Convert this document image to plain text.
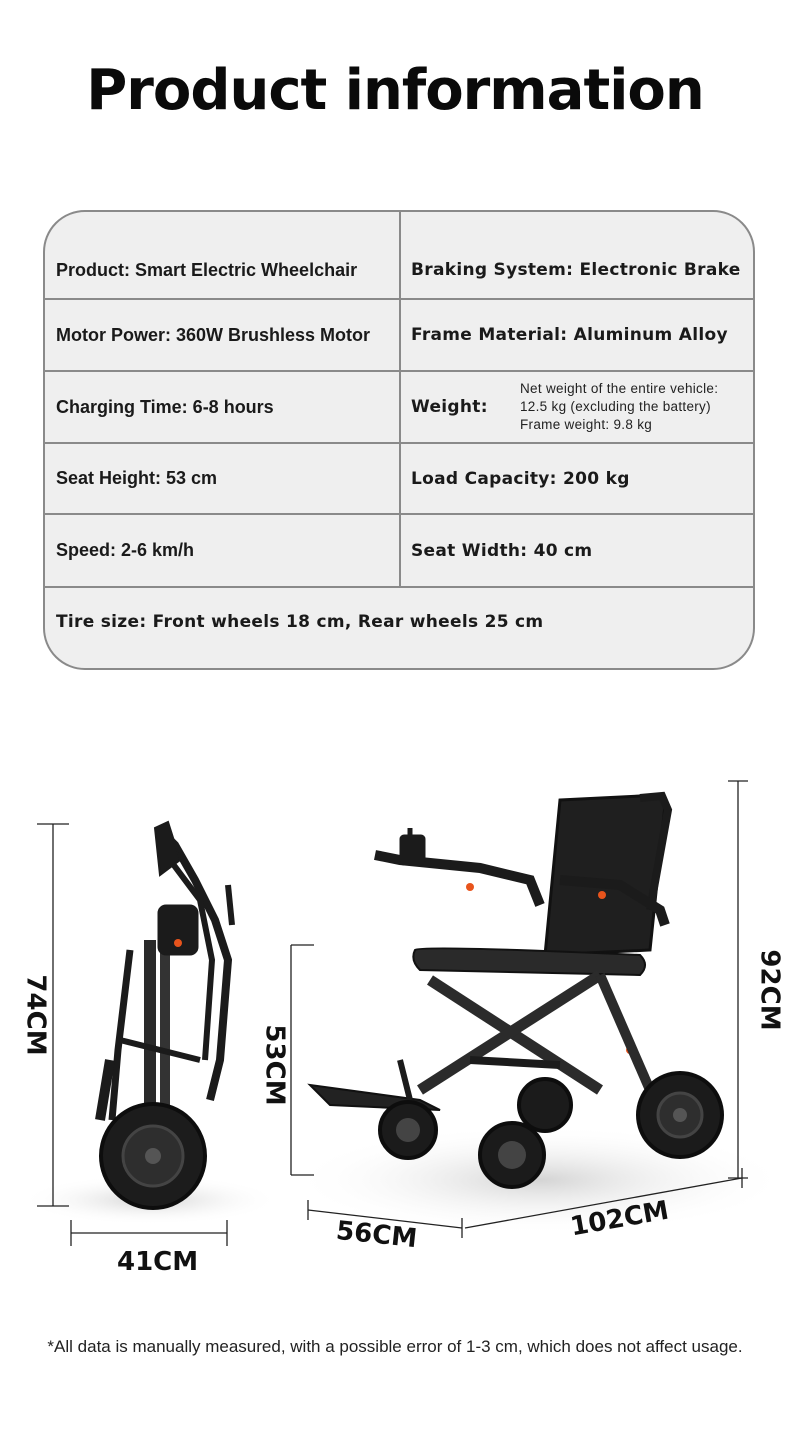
Product information
Product: Smart Electric Wheelchair	Braking System: Electronic Brake
Motor Power: 360W Brushless Motor	Frame Material: Aluminum Alloy
Charging Time: 6-8 hours	Weight:
Net weight of the entire vehicle:
12.5 kg (excluding the battery)
Frame weight: 9.8 kg
Seat Height: 53 cm	Load Capacity: 200 kg
Speed: 2-6 km/h	Seat Width: 40 cm
Tire size: Front wheels 18 cm, Rear wheels 25 cm
74CM
41CM
53CM
92CM
56CM	102CM
*All data is manually measured, with a possible error of 1-3 cm, which does not affect usage.
